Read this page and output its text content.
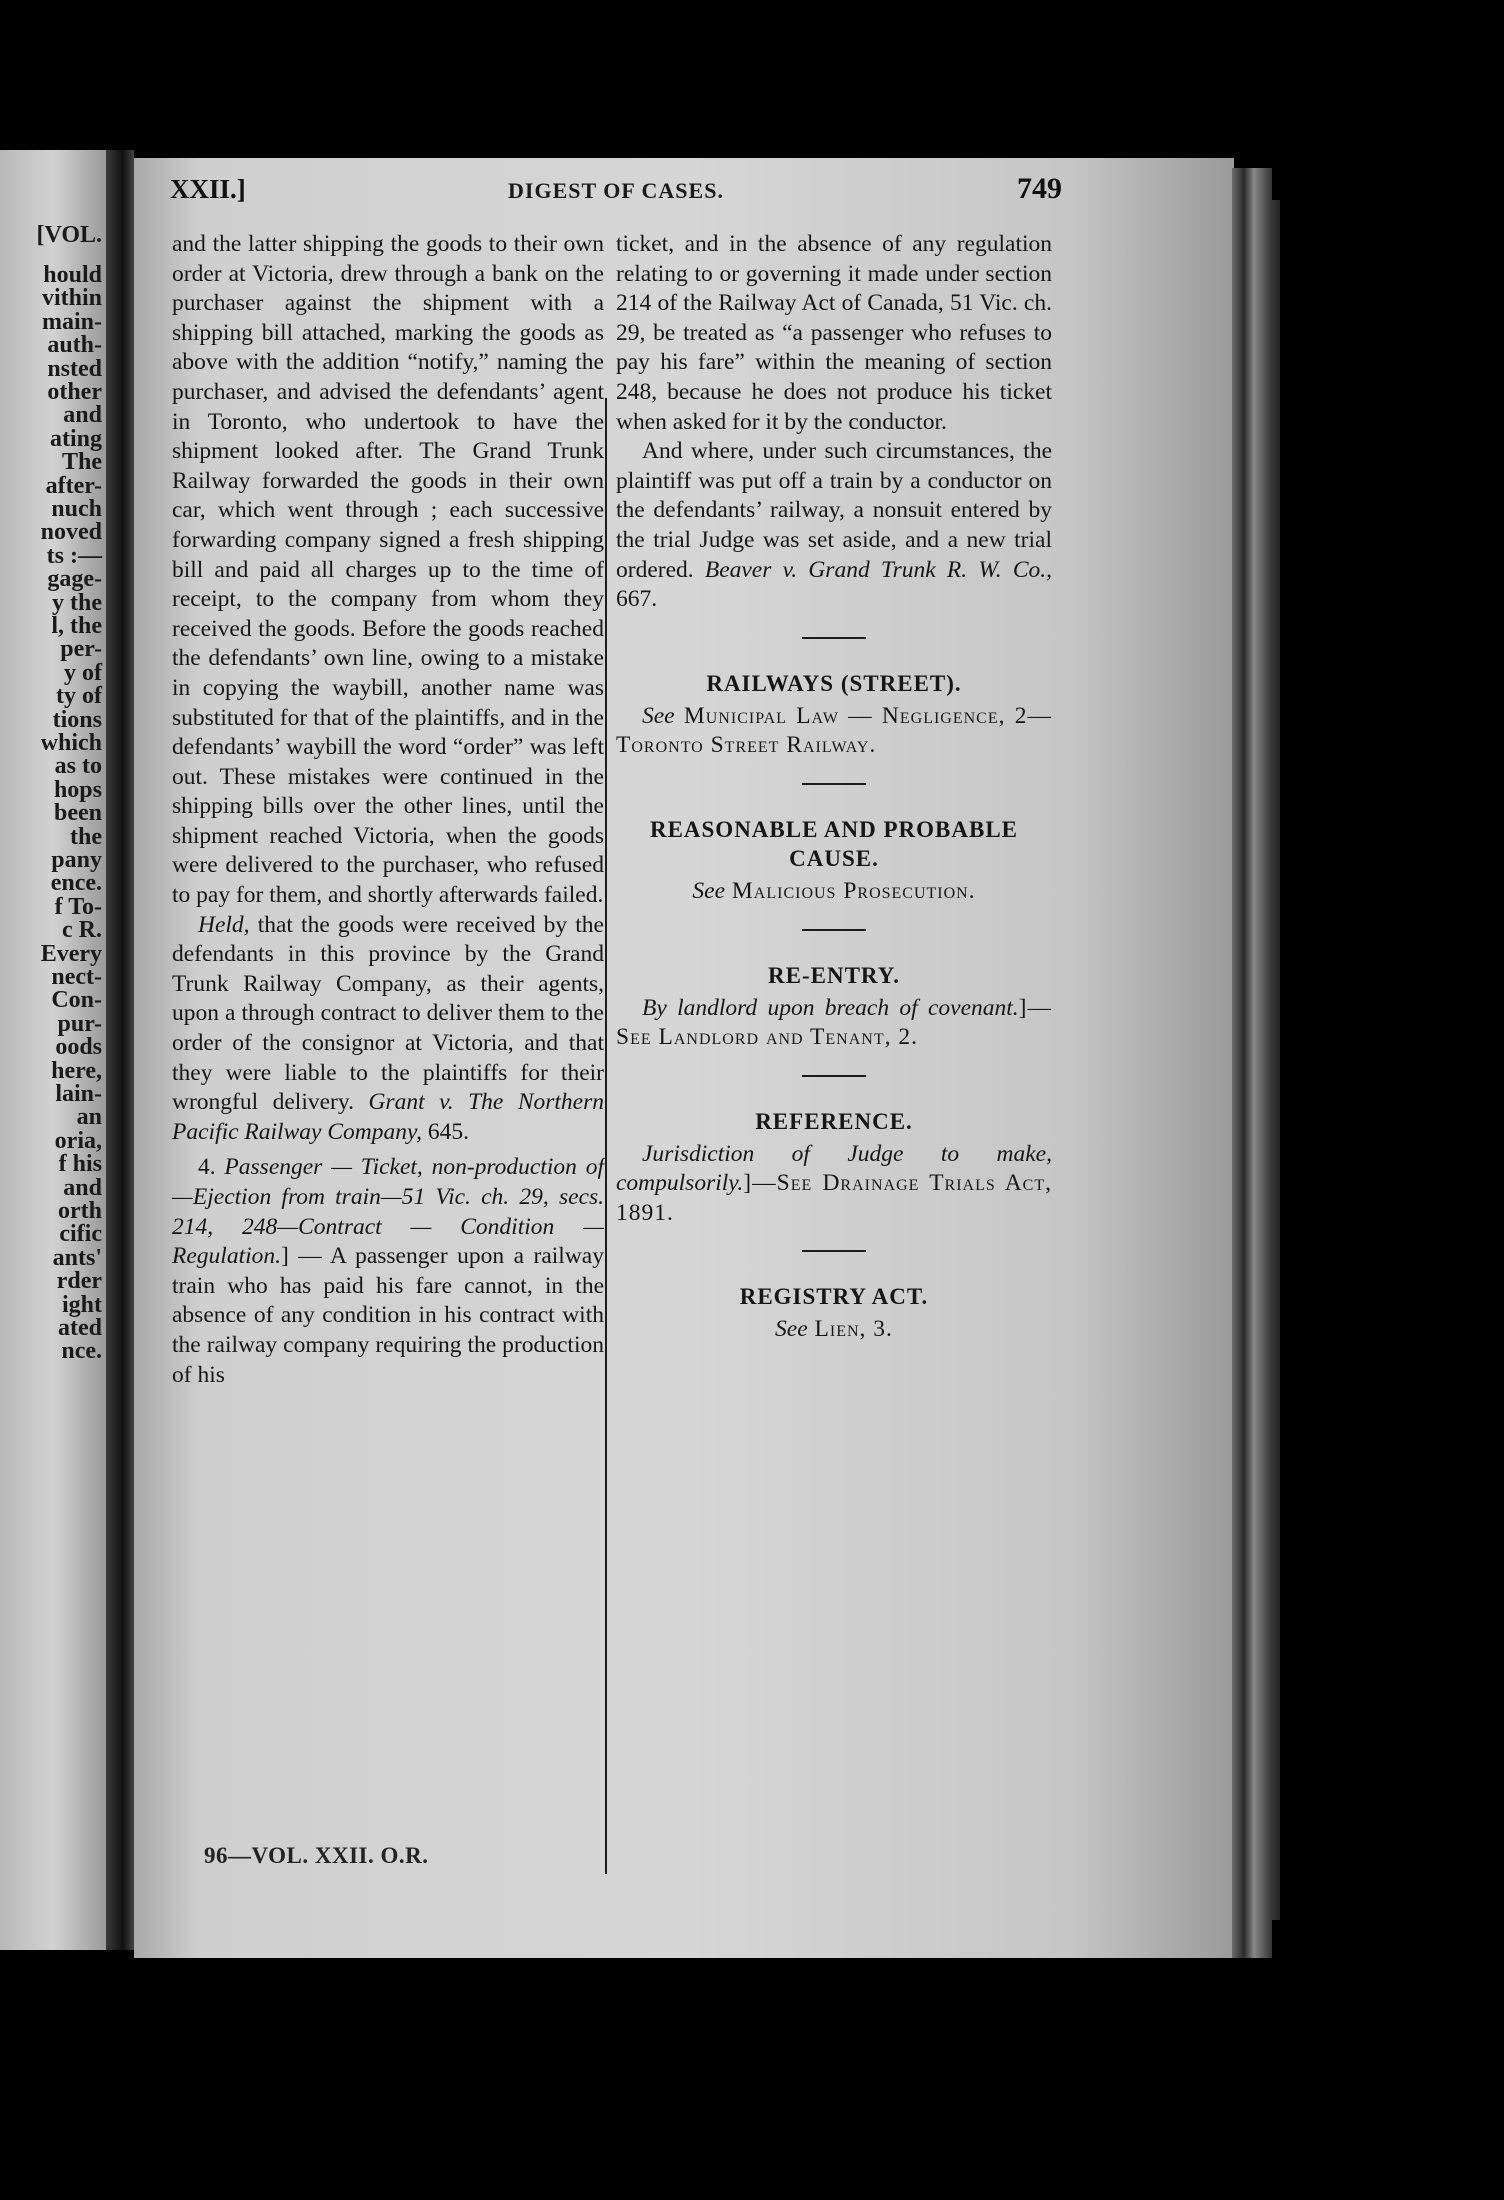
[VOL.

hould

vithin

main-

auth-

nsted

other

and

ating

The

after-

nuch

noved

ts :—

gage-

y the

l, the

per-

y of

ty of

tions

which

as to

hops

been

the

pany

ence.

f To-

c R.

Every

nect-

Con-

pur-

oods

here,

lain-

an

oria,

f his

and

orth

cific

ants'

rder

ight

ated

nce.

XXII.]	DIGEST OF CASES.	749

and the latter shipping the goods to their own order at Victoria, drew through a bank on the purchaser against the shipment with a shipping bill attached, marking the goods as above with the addition “notify,” naming the purchaser, and advised the defendants’ agent in Toronto, who undertook to have the shipment looked after. The Grand Trunk Railway forwarded the goods in their own car, which went through ; each successive forwarding company signed a fresh shipping bill and paid all charges up to the time of receipt, to the company from whom they received the goods. Before the goods reached the defendants’ own line, owing to a mistake in copying the waybill, another name was substituted for that of the plaintiffs, and in the defendants’ waybill the word “order” was left out. These mistakes were continued in the shipping bills over the other lines, until the shipment reached Victoria, when the goods were delivered to the purchaser, who refused to pay for them, and shortly afterwards failed.

Held, that the goods were received by the defendants in this province by the Grand Trunk Railway Company, as their agents, upon a through contract to deliver them to the order of the consignor at Victoria, and that they were liable to the plaintiffs for their wrongful delivery. Grant v. The Northern Pacific Railway Company, 645.

4. Passenger — Ticket, non-production of—Ejection from train—51 Vic. ch. 29, secs. 214, 248—Contract — Condition — Regulation.] — A passenger upon a railway train who has paid his fare cannot, in the absence of any condition in his contract with the railway company requiring the production of his

96—VOL. XXII. O.R.

ticket, and in the absence of any regulation relating to or governing it made under section 214 of the Railway Act of Canada, 51 Vic. ch. 29, be treated as “a passenger who refuses to pay his fare” within the meaning of section 248, because he does not produce his ticket when asked for it by the conductor.

And where, under such circumstances, the plaintiff was put off a train by a conductor on the defendants’ railway, a nonsuit entered by the trial Judge was set aside, and a new trial ordered. Beaver v. Grand Trunk R. W. Co., 667.

RAILWAYS (STREET).

See Municipal Law — Negligence, 2—Toronto Street Railway.

REASONABLE AND PROBABLE CAUSE.

See Malicious Prosecution.

RE-ENTRY.

By landlord upon breach of covenant.]—See Landlord and Tenant, 2.

REFERENCE.

Jurisdiction of Judge to make, compulsorily.]—See Drainage Trials Act, 1891.

REGISTRY ACT.

See Lien, 3.
